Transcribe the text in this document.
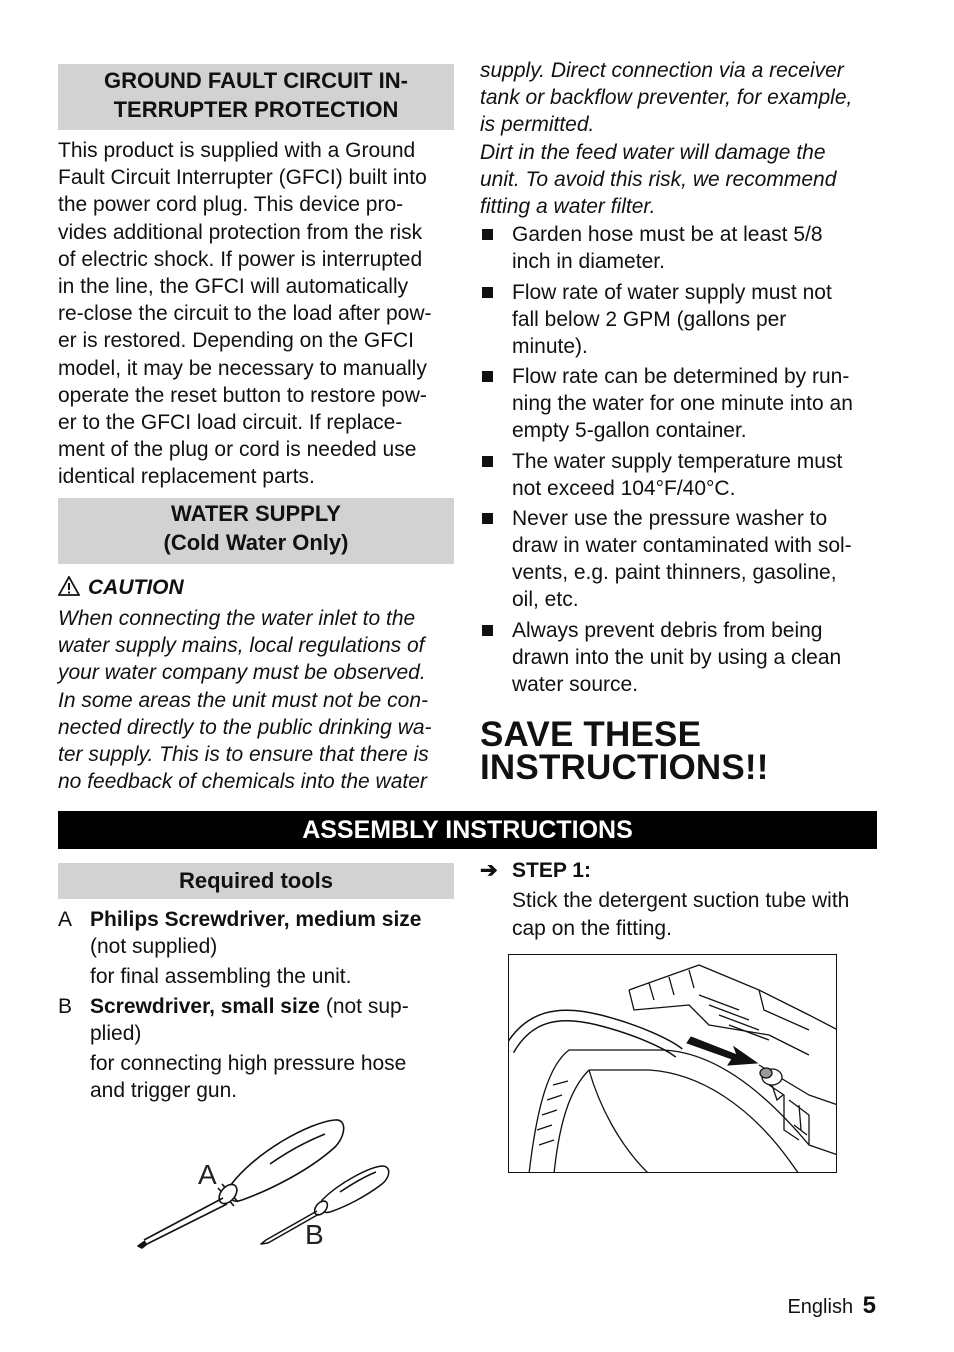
GROUND FAULT CIRCUIT IN-
TERRUPTER PROTECTION
This product is supplied with a Ground
Fault Circuit Interrupter (GFCI) built into
the power cord plug. This device pro-
vides additional protection from the risk
of electric shock. If power is interrupted
in the line, the GFCI will automatically
re-close the circuit to the load after pow-
er is restored. Depending on the GFCI
model, it may be necessary to manually
operate the reset button to restore pow-
er to the GFCI load circuit. If replace-
ment of the plug or cord is needed use
identical replacement parts.
WATER SUPPLY
(Cold Water Only)
CAUTION
When connecting the water inlet to the
water supply mains, local regulations of
your water company must be observed.
In some areas the unit must not be con-
nected directly to the public drinking wa-
ter supply. This is to ensure that there is
no feedback of chemicals into the water
supply. Direct connection via a receiver
tank or backflow preventer, for example,
is permitted.
Dirt in the feed water will damage the
unit. To avoid this risk, we recommend
fitting a water filter.
Garden hose must be at least 5/8
inch in diameter.
Flow rate of water supply must not
fall below 2 GPM (gallons per
minute).
Flow rate can be determined by run-
ning the water for one minute into an
empty 5-gallon container.
The water supply temperature must
not exceed 104°F/40°C.
Never use the pressure washer to
draw in water contaminated with sol-
vents, e.g. paint thinners, gasoline,
oil, etc.
Always prevent debris from being
drawn into the unit by using a clean
water source.
SAVE THESE
INSTRUCTIONS!!
ASSEMBLY INSTRUCTIONS
Required tools
A Philips Screwdriver, medium size
(not supplied)
for final assembling the unit.
B Screwdriver, small size (not sup-
plied)
for connecting high pressure hose
and trigger gun.
A
B
➔ STEP 1:
Stick the detergent suction tube with
cap on the fitting.
English 5
